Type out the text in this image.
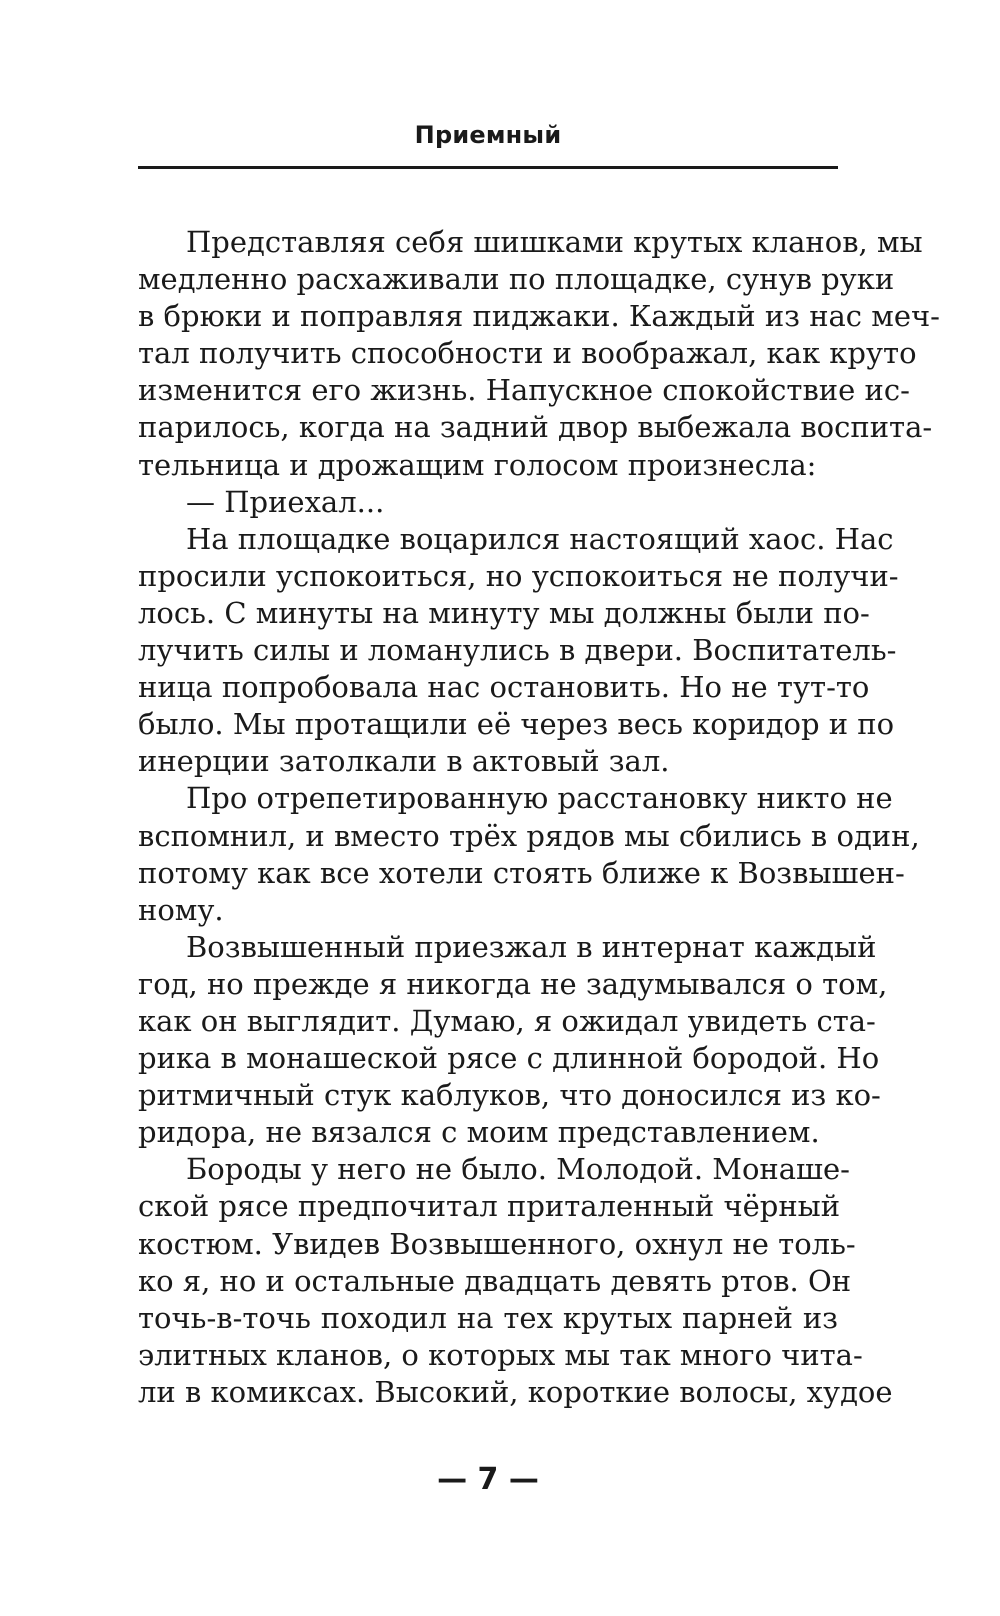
Приемный
Представляя себя шишками крутых кланов, мы
медленно расхаживали по площадке, сунув руки
в брюки и поправляя пиджаки. Каждый из нас меч-
тал получить способности и воображал, как круто
изменится его жизнь. Напускное спокойствие ис-
парилось, когда на задний двор выбежала воспита-
тельница и дрожащим голосом произнесла:
— Приехал...
На площадке воцарился настоящий хаос. Нас
просили успокоиться, но успокоиться не получи-
лось. С минуты на минуту мы должны были по-
лучить силы и ломанулись в двери. Воспитатель-
ница попробовала нас остановить. Но не тут-то
было. Мы протащили её через весь коридор и по
инерции затолкали в актовый зал.
Про отрепетированную расстановку никто не
вспомнил, и вместо трёх рядов мы сбились в один,
потому как все хотели стоять ближе к Возвышен-
ному.
Возвышенный приезжал в интернат каждый
год, но прежде я никогда не задумывался о том,
как он выглядит. Думаю, я ожидал увидеть ста-
рика в монашеской рясе с длинной бородой. Но
ритмичный стук каблуков, что доносился из ко-
ридора, не вязался с моим представлением.
Бороды у него не было. Молодой. Монаше-
ской рясе предпочитал приталенный чёрный
костюм. Увидев Возвышенного, охнул не толь-
ко я, но и остальные двадцать девять ртов. Он
точь-в-точь походил на тех крутых парней из
элитных кланов, о которых мы так много чита-
ли в комиксах. Высокий, короткие волосы, худое
— 7 —
